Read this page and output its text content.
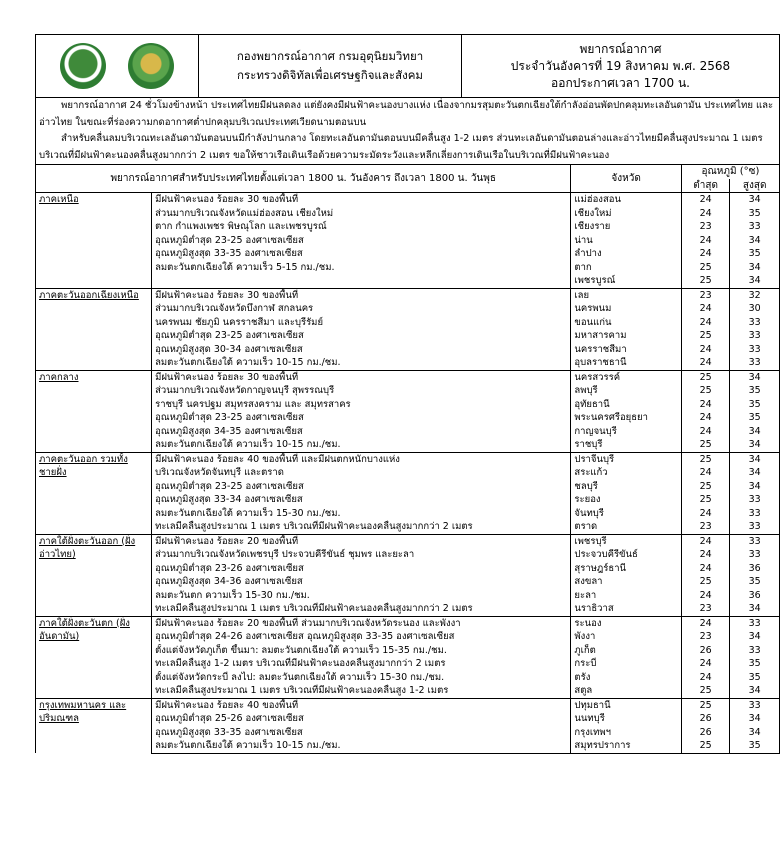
กองพยากรณ์อากาศ กรมอุตุนิยมวิทยา
กระทรวงดิจิทัลเพื่อเศรษฐกิจและสังคม

พยากรณ์อากาศ
ประจำวันอังคารที่ 19 สิงหาคม พ.ศ. 2568
ออกประกาศเวลา 1700 น.

พยากรณ์อากาศ 24 ชั่วโมงข้างหน้า ประเทศไทยมีฝนลดลง แต่ยังคงมีฝนฟ้าคะนองบางแห่ง เนื่องจากมรสุมตะวันตกเฉียงใต้กำลังอ่อนพัดปกคลุมทะเลอันดามัน ประเทศไทย และอ่าวไทย ในขณะที่ร่องความกดอากาศต่ำปกคลุมบริเวณประเทศเวียดนามตอนบน

สำหรับคลื่นลมบริเวณทะเลอันดามันตอนบนมีกำลังปานกลาง โดยทะเลอันดามันตอนบนมีคลื่นสูง 1-2 เมตร ส่วนทะเลอันดามันตอนล่างและอ่าวไทยมีคลื่นสูงประมาณ 1 เมตร บริเวณที่มีฝนฟ้าคะนองคลื่นสูงมากกว่า 2 เมตร ขอให้ชาวเรือเดินเรือด้วยความระมัดระวังและหลีกเลี่ยงการเดินเรือในบริเวณที่มีฝนฟ้าคะนอง

พยากรณ์อากาศสำหรับประเทศไทยตั้งแต่เวลา 1800 น. วันอังคาร ถึงเวลา 1800 น. วันพุธ		จังหวัด	อุณหภูมิ (°ซ)	
			ต่ำสุด	สูงสุด
ภาคเหนือ	มีฝนฟ้าคะนอง ร้อยละ 30 ของพื้นที่	แม่ฮ่องสอน	24	34
	ส่วนมากบริเวณจังหวัดแม่ฮ่องสอน เชียงใหม่	เชียงใหม่	24	35
	ตาก กำแพงเพชร พิษณุโลก และเพชรบูรณ์	เชียงราย	23	33
	อุณหภูมิต่ำสุด 23-25 องศาเซลเซียส	น่าน	24	34
	อุณหภูมิสูงสุด 33-35 องศาเซลเซียส	ลำปาง	24	35
	ลมตะวันตกเฉียงใต้ ความเร็ว 5-15 กม./ชม.	ตาก	25	34
		เพชรบูรณ์	25	34
ภาคตะวันออกเฉียงเหนือ	มีฝนฟ้าคะนอง ร้อยละ 30 ของพื้นที่	เลย	23	32
	ส่วนมากบริเวณจังหวัดบึงกาฬ สกลนคร	นครพนม	24	30
	นครพนม ชัยภูมิ นครราชสีมา และบุรีรัมย์	ขอนแก่น	24	33
	อุณหภูมิต่ำสุด 23-25 องศาเซลเซียส	มหาสารคาม	25	33
	อุณหภูมิสูงสุด 30-34 องศาเซลเซียส	นครราชสีมา	24	33
	ลมตะวันตกเฉียงใต้ ความเร็ว 10-15 กม./ชม.	อุบลราชธานี	24	33
ภาคกลาง	มีฝนฟ้าคะนอง ร้อยละ 30 ของพื้นที่	นครสวรรค์	25	34
	ส่วนมากบริเวณจังหวัดกาญจนบุรี สุพรรณบุรี	ลพบุรี	25	35
	ราชบุรี นครปฐม สมุทรสงคราม และ สมุทรสาคร	อุทัยธานี	24	35
	อุณหภูมิต่ำสุด 23-25 องศาเซลเซียส	พระนครศรีอยุธยา	24	35
	อุณหภูมิสูงสุด 34-35 องศาเซลเซียส	กาญจนบุรี	24	34
	ลมตะวันตกเฉียงใต้ ความเร็ว 10-15 กม./ชม.	ราชบุรี	25	34
ภาคตะวันออก รวมทั้งชายฝั่ง	มีฝนฟ้าคะนอง ร้อยละ 40 ของพื้นที่ และมีฝนตกหนักบางแห่ง	ปราจีนบุรี	25	34
	บริเวณจังหวัดจันทบุรี และตราด	สระแก้ว	24	34
	อุณหภูมิต่ำสุด 23-25 องศาเซลเซียส	ชลบุรี	25	34
	อุณหภูมิสูงสุด 33-34 องศาเซลเซียส	ระยอง	25	33
	ลมตะวันตกเฉียงใต้ ความเร็ว 15-30 กม./ชม.	จันทบุรี	24	33
	ทะเลมีคลื่นสูงประมาณ 1 เมตร บริเวณที่มีฝนฟ้าคะนองคลื่นสูงมากกว่า 2 เมตร	ตราด	23	33
ภาคใต้ฝั่งตะวันออก (ฝั่งอ่าวไทย)	มีฝนฟ้าคะนอง ร้อยละ 20 ของพื้นที่	เพชรบุรี	24	33
	ส่วนมากบริเวณจังหวัดเพชรบุรี ประจวบคีรีขันธ์ ชุมพร และยะลา	ประจวบคีรีขันธ์	24	33
	อุณหภูมิต่ำสุด 23-26 องศาเซลเซียส	สุราษฎร์ธานี	24	36
	อุณหภูมิสูงสุด 34-36 องศาเซลเซียส	สงขลา	25	35
	ลมตะวันตก ความเร็ว 15-30 กม./ชม.	ยะลา	24	36
	ทะเลมีคลื่นสูงประมาณ 1 เมตร บริเวณที่มีฝนฟ้าคะนองคลื่นสูงมากกว่า 2 เมตร	นราธิวาส	23	34
ภาคใต้ฝั่งตะวันตก (ฝั่งอันดามัน)	มีฝนฟ้าคะนอง ร้อยละ 20 ของพื้นที่ ส่วนมากบริเวณจังหวัดระนอง และพังงา	ระนอง	24	33
	อุณหภูมิต่ำสุด 24-26 องศาเซลเซียส อุณหภูมิสูงสุด 33-35 องศาเซลเซียส	พังงา	23	34
	ตั้งแต่จังหวัดภูเก็ต ขึ้นมา: ลมตะวันตกเฉียงใต้ ความเร็ว 15-35 กม./ชม.	ภูเก็ต	26	33
	ทะเลมีคลื่นสูง 1-2 เมตร บริเวณที่มีฝนฟ้าคะนองคลื่นสูงมากกว่า 2 เมตร	กระบี่	24	35
	ตั้งแต่จังหวัดกระบี่ ลงไป: ลมตะวันตกเฉียงใต้ ความเร็ว 15-30 กม./ชม.	ตรัง	24	35
	ทะเลมีคลื่นสูงประมาณ 1 เมตร บริเวณที่มีฝนฟ้าคะนองคลื่นสูง 1-2 เมตร	สตูล	25	34
กรุงเทพมหานคร และปริมณฑล	มีฝนฟ้าคะนอง ร้อยละ 40 ของพื้นที่	ปทุมธานี	25	33
	อุณหภูมิต่ำสุด 25-26 องศาเซลเซียส	นนทบุรี	26	34
	อุณหภูมิสูงสุด 33-35 องศาเซลเซียส	กรุงเทพฯ	26	34
	ลมตะวันตกเฉียงใต้ ความเร็ว 10-15 กม./ชม.	สมุทรปราการ	25	35
